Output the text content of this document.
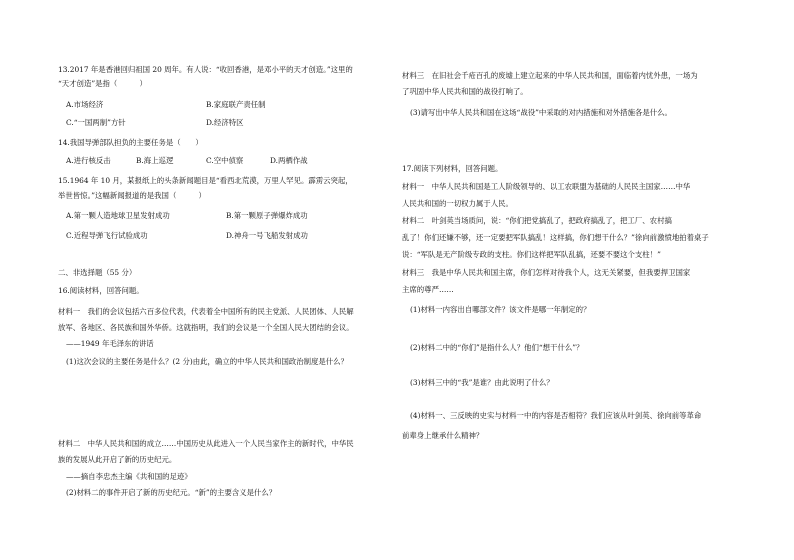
13.2017 年是香港回归祖国 20 周年。有人说：“收回香港，是邓小平的天才创造。”这里的
“天才创造”是指（　　　）
A.市场经济	B.家庭联产责任制
C.“一国两制”方针	D.经济特区
14.我国导弹部队担负的主要任务是（　　）
A.进行核反击	B.海上巡逻	C.空中侦察	D.两栖作战
15.1964 年 10 月，某报纸上的头条新闻题目是“看西北荒漠，万里人罕见。霹雳云突起，
举世皆惊。”这幅新闻报道的是我国（　　　）
A.第一颗人造地球卫星发射成功	B.第一颗原子弹爆炸成功
C.近程导弹飞行试验成功	D.神舟一号飞船发射成功
二、非选择题（55 分）
16.阅读材料，回答问题。
材料一　我们的会议包括六百多位代表，代表着全中国所有的民主党派、人民团体、人民解
放军、各地区、各民族和国外华侨。这就指明，我们的会议是一个全国人民大团结的会议。
——1949 年毛泽东的讲话
(1)这次会议的主要任务是什么？(2 分)由此，确立的中华人民共和国政治制度是什么？
材料二　中华人民共和国的成立……中国历史从此进入一个人民当家作主的新时代，中华民
族的发展从此开启了新的历史纪元。
——摘自李忠杰主编《共和国的足迹》
(2)材料二的事件开启了新的历史纪元。“新”的主要含义是什么？
材料三　在旧社会千疮百孔的废墟上建立起来的中华人民共和国，面临着内忧外患，一场为
了巩固中华人民共和国的战役打响了。
(3)请写出中华人民共和国在这场“战役”中采取的对内措施和对外措施各是什么。
17.阅读下列材料，回答问题。
材料一　中华人民共和国是工人阶级领导的、以工农联盟为基础的人民民主国家……中华
人民共和国的一切权力属于人民。
材料二　叶剑英当场质问，说：“你们把党搞乱了，把政府搞乱了，把工厂、农村搞
乱了！你们还嫌不够，还一定要把军队搞乱！这样搞，你们想干什么？”徐向前激愤地拍着桌子
说：“军队是无产阶级专政的支柱。你们这样把军队乱搞，还要不要这个支柱！”
材料三　我是中华人民共和国主席，你们怎样对待我个人，这无关紧要，但我要捍卫国家
主席的尊严……
(1)材料一内容出自哪部文件？该文件是哪一年制定的？
(2)材料二中的“你们”是指什么人？他们“想干什么”？
(3)材料三中的“我”是谁？由此说明了什么？
(4)材料一、三反映的史实与材料一中的内容是否相符？我们应该从叶剑英、徐向前等革命
前辈身上继承什么精神？
